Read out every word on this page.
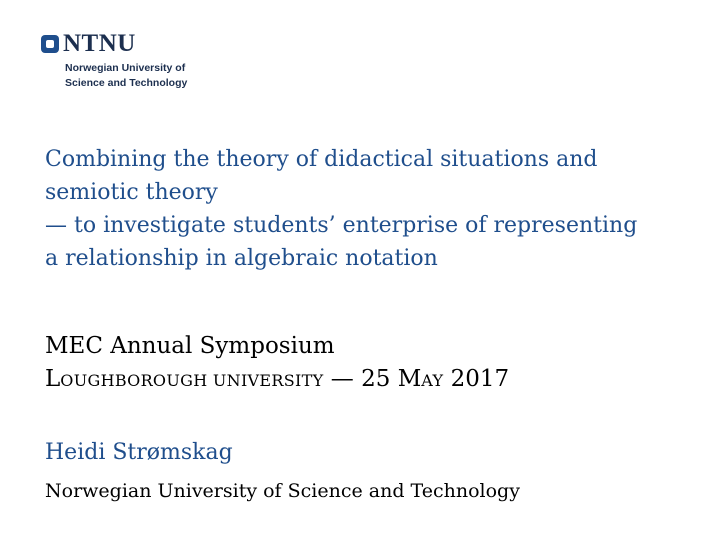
NTNU
Norwegian University of
Science and Technology
Combining the theory of didactical situations and
semiotic theory
— to investigate students’ enterprise of representing
a relationship in algebraic notation
MEC Annual Symposium
LOUGHBOROUGH UNIVERSITY — 25 MAY 2017
Heidi Strømskag
Norwegian University of Science and Technology
